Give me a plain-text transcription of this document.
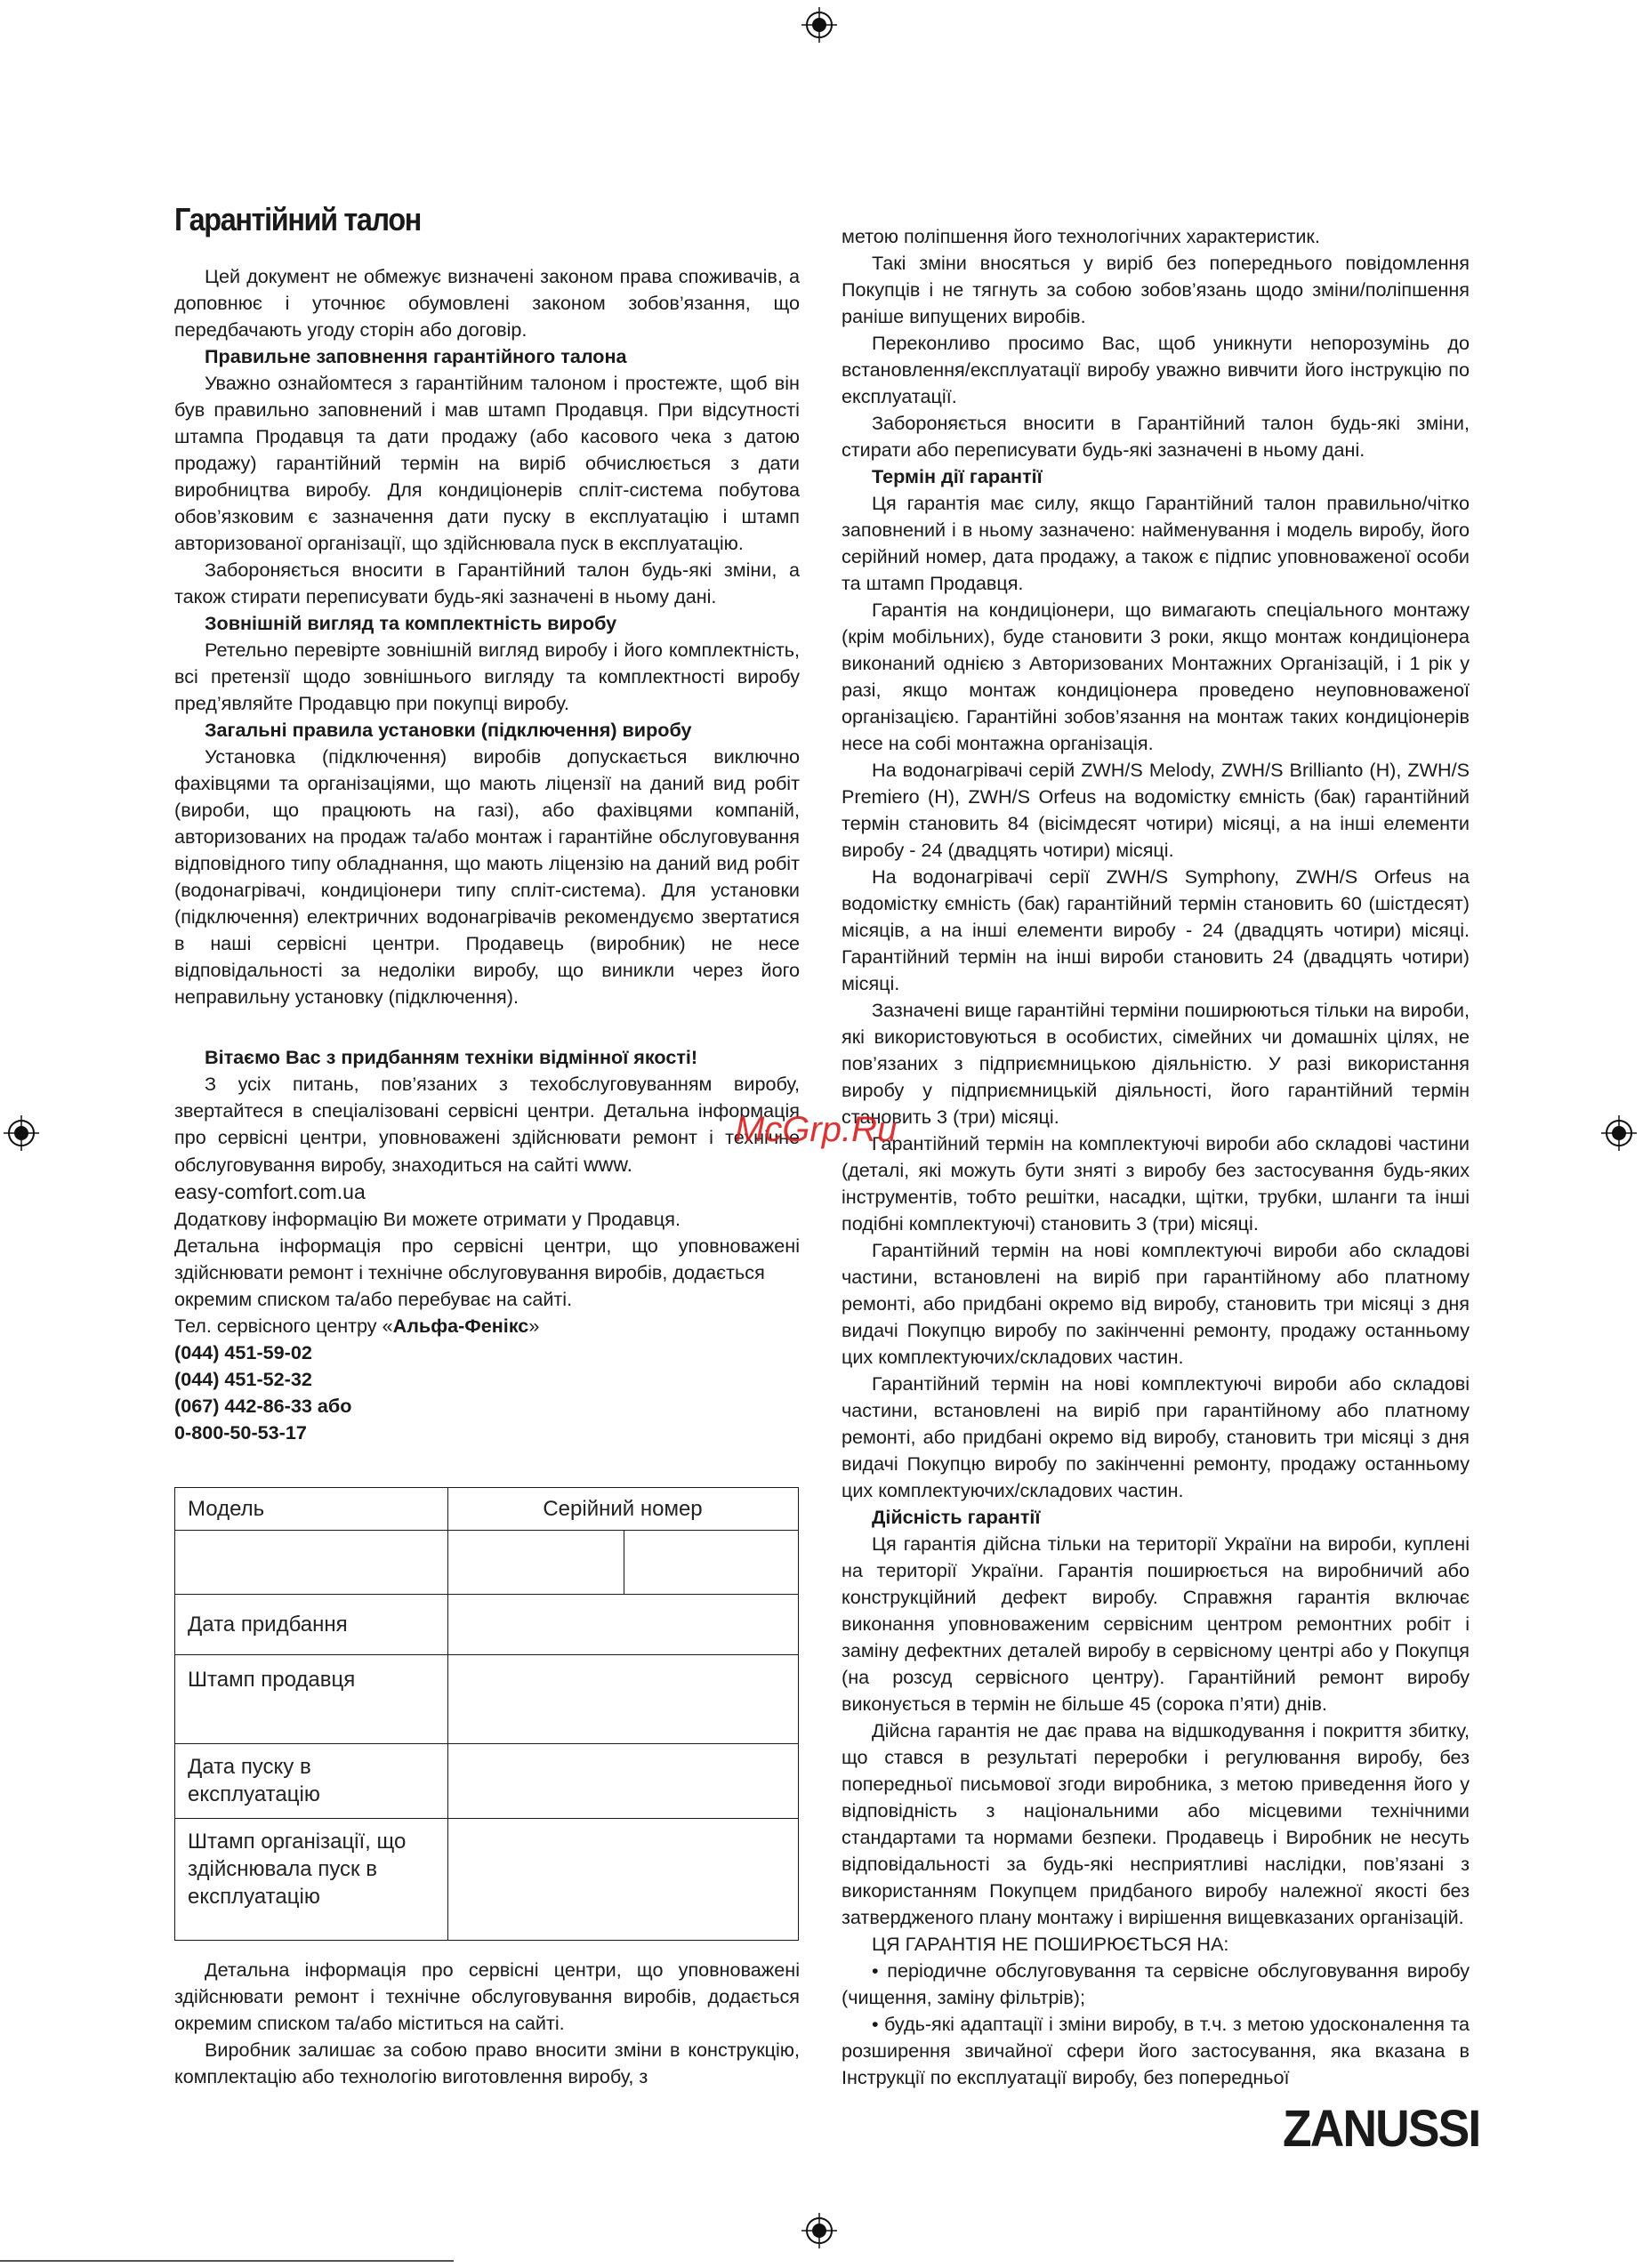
Гарантійний талон

Цей документ не обмежує визначені законом права споживачів, а доповнює і уточнює обумовлені законом зобов’язання, що передбачають угоду сторін або договір.

Правильне заповнення гарантійного талона

Уважно ознайомтеся з гарантійним талоном і простежте, щоб він був правильно заповнений і мав штамп Продавця. При відсутності штампа Продавця та дати продажу (або касового чека з датою продажу) гарантійний термін на виріб обчислюється з дати виробництва виробу. Для кондиціонерів спліт-система побутова обов’язковим є зазначення дати пуску в експлуатацію і штамп авторизованої організації, що здійснювала пуск в експлуатацію.

Забороняється вносити в Гарантійний талон будь-які зміни, а також стирати переписувати будь-які зазначені в ньому дані.

Зовнішній вигляд та комплектність виробу

Ретельно перевірте зовнішній вигляд виробу і його комплектність, всі претензії щодо зовнішнього вигляду та комплектності виробу пред’являйте Продавцю при покупці виробу.

Загальні правила установки (підключення) виробу

Установка (підключення) виробів допускається виключно фахівцями та організаціями, що мають ліцензії на даний вид робіт (вироби, що працюють на газі), або фахівцями компаній, авторизованих на продаж та/або монтаж і гарантійне обслуговування відповідного типу обладнання, що мають ліцензію на даний вид робіт (водонагрівачі, кондиціонери типу спліт-система). Для установки (підключення) електричних водонагрівачів рекомендуємо звертатися в наші сервісні центри. Продавець (виробник) не несе відповідальності за недоліки виробу, що виникли через його неправильну установку (підключення).

Вітаємо Вас з придбанням техніки відмінної якості!

З усіх питань, пов’язаних з техобслуговуванням виробу, звертайтеся в спеціалізовані сервісні центри. Детальна інформація про сервісні центри, уповноважені здійснювати ремонт і технічне обслуговування виробу, знаходиться на сайті www.

easy-comfort.com.ua

Додаткову інформацію Ви можете отримати у Продавця.

Детальна інформація про сервісні центри, що уповноважені здійснювати ремонт і технічне обслуговування виробів, додається

окремим списком та/або перебуває на сайті.

Тел. сервісного центру «Альфа-Фенікс»

(044) 451-59-02

(044) 451-52-32

(067) 442-86-33 або

0-800-50-53-17

Модель	Серійний номер
Дата придбання
Штамп продавця
Дата пуску в
експлуатацію
Штамп організації, що
здійснювала пуск в
експлуатацію

Детальна інформація про сервісні центри, що уповноважені здійснювати ремонт і технічне обслуговування виробів, додається окремим списком та/або міститься на сайті.

Виробник залишає за собою право вносити зміни в конструкцію, комплектацію або технологію виготовлення виробу, з

метою поліпшення його технологічних характеристик.

Такі зміни вносяться у виріб без попереднього повідомлення Покупців і не тягнуть за собою зобов’язань щодо зміни/поліпшення раніше випущених виробів.

Переконливо просимо Вас, щоб уникнути непорозумінь до встановлення/експлуатації виробу уважно вивчити його інструкцію по експлуатації.

Забороняється вносити в Гарантійний талон будь-які зміни, стирати або переписувати будь-які зазначені в ньому дані.

Термін дії гарантії

Ця гарантія має силу, якщо Гарантійний талон правильно/чітко заповнений і в ньому зазначено: найменування і модель виробу, його серійний номер, дата продажу, а також є підпис уповноваженої особи та штамп Продавця.

Гарантія на кондиціонери, що вимагають спеціального монтажу (крім мобільних), буде становити 3 роки, якщо монтаж кондиціонера виконаний однією з Авторизованих Монтажних Організацій, і 1 рік у разі, якщо монтаж кондиціонера проведено неуповноваженої організацією. Гарантійні зобов’язання на монтаж таких кондиціонерів несе на собі монтажна організація.

На водонагрівачі серій ZWH/S Melody, ZWH/S Brillianto (H), ZWH/S Premiero (H), ZWH/S Orfeus на водомістку ємність (бак) гарантійний термін становить 84 (вісімдесят чотири) місяці, а на інші елементи виробу - 24 (двадцять чотири) місяці.

На водонагрівачі серії ZWH/S Symphony, ZWH/S Orfeus на водомістку ємність (бак) гарантійний термін становить 60 (шістдесят) місяців, а на інші елементи виробу - 24 (двадцять чотири) місяці. Гарантійний термін на інші вироби становить 24 (двадцять чотири) місяці.

Зазначені вище гарантійні терміни поширюються тільки на вироби, які використовуються в особистих, сімейних чи домашніх цілях, не пов’язаних з підприємницькою діяльністю. У разі використання виробу у підприємницькій діяльності, його гарантійний термін становить 3 (три) місяці.

Гарантійний термін на комплектуючі вироби або складові частини (деталі, які можуть бути зняті з виробу без застосування будь-яких інструментів, тобто решітки, насадки, щітки, трубки, шланги та інші подібні комплектуючі) становить 3 (три) місяці.

Гарантійний термін на нові комплектуючі вироби або складові частини, встановлені на виріб при гарантійному або платному ремонті, або придбані окремо від виробу, становить три місяці з дня видачі Покупцю виробу по закінченні ремонту, продажу останньому цих комплектуючих/складових частин.

Гарантійний термін на нові комплектуючі вироби або складові частини, встановлені на виріб при гарантійному або платному ремонті, або придбані окремо від виробу, становить три місяці з дня видачі Покупцю виробу по закінченні ремонту, продажу останньому цих комплектуючих/складових частин.

Дійсність гарантії

Ця гарантія дійсна тільки на території України на вироби, куплені на території України. Гарантія поширюється на виробничий або конструкційний дефект виробу. Справжня гарантія включає виконання уповноваженим сервісним центром ремонтних робіт і заміну дефектних деталей виробу в сервісному центрі або у Покупця (на розсуд сервісного центру). Гарантійний ремонт виробу виконується в термін не більше 45 (сорока п’яти) днів.

Дійсна гарантія не дає права на відшкодування і покриття збитку, що стався в результаті переробки і регулювання виробу, без попередньої письмової згоди виробника, з метою приведення його у відповідність з національними або місцевими технічними стандартами та нормами безпеки. Продавець і Виробник не несуть відповідальності за будь-які несприятливі наслідки, пов’язані з використанням Покупцем придбаного виробу належної якості без затвердженого плану монтажу і вирішення вищевказаних організацій.

ЦЯ ГАРАНТІЯ НЕ ПОШИРЮЄТЬСЯ НА:

• періодичне обслуговування та сервісне обслуговування виробу (чищення, заміну фільтрів);

• будь-які адаптації і зміни виробу, в т.ч. з метою удосконалення та розширення звичайної сфери його застосування, яка вказана в Інструкції по експлуатації виробу, без попередньої

McGrp.Ru
ZANUSSI
